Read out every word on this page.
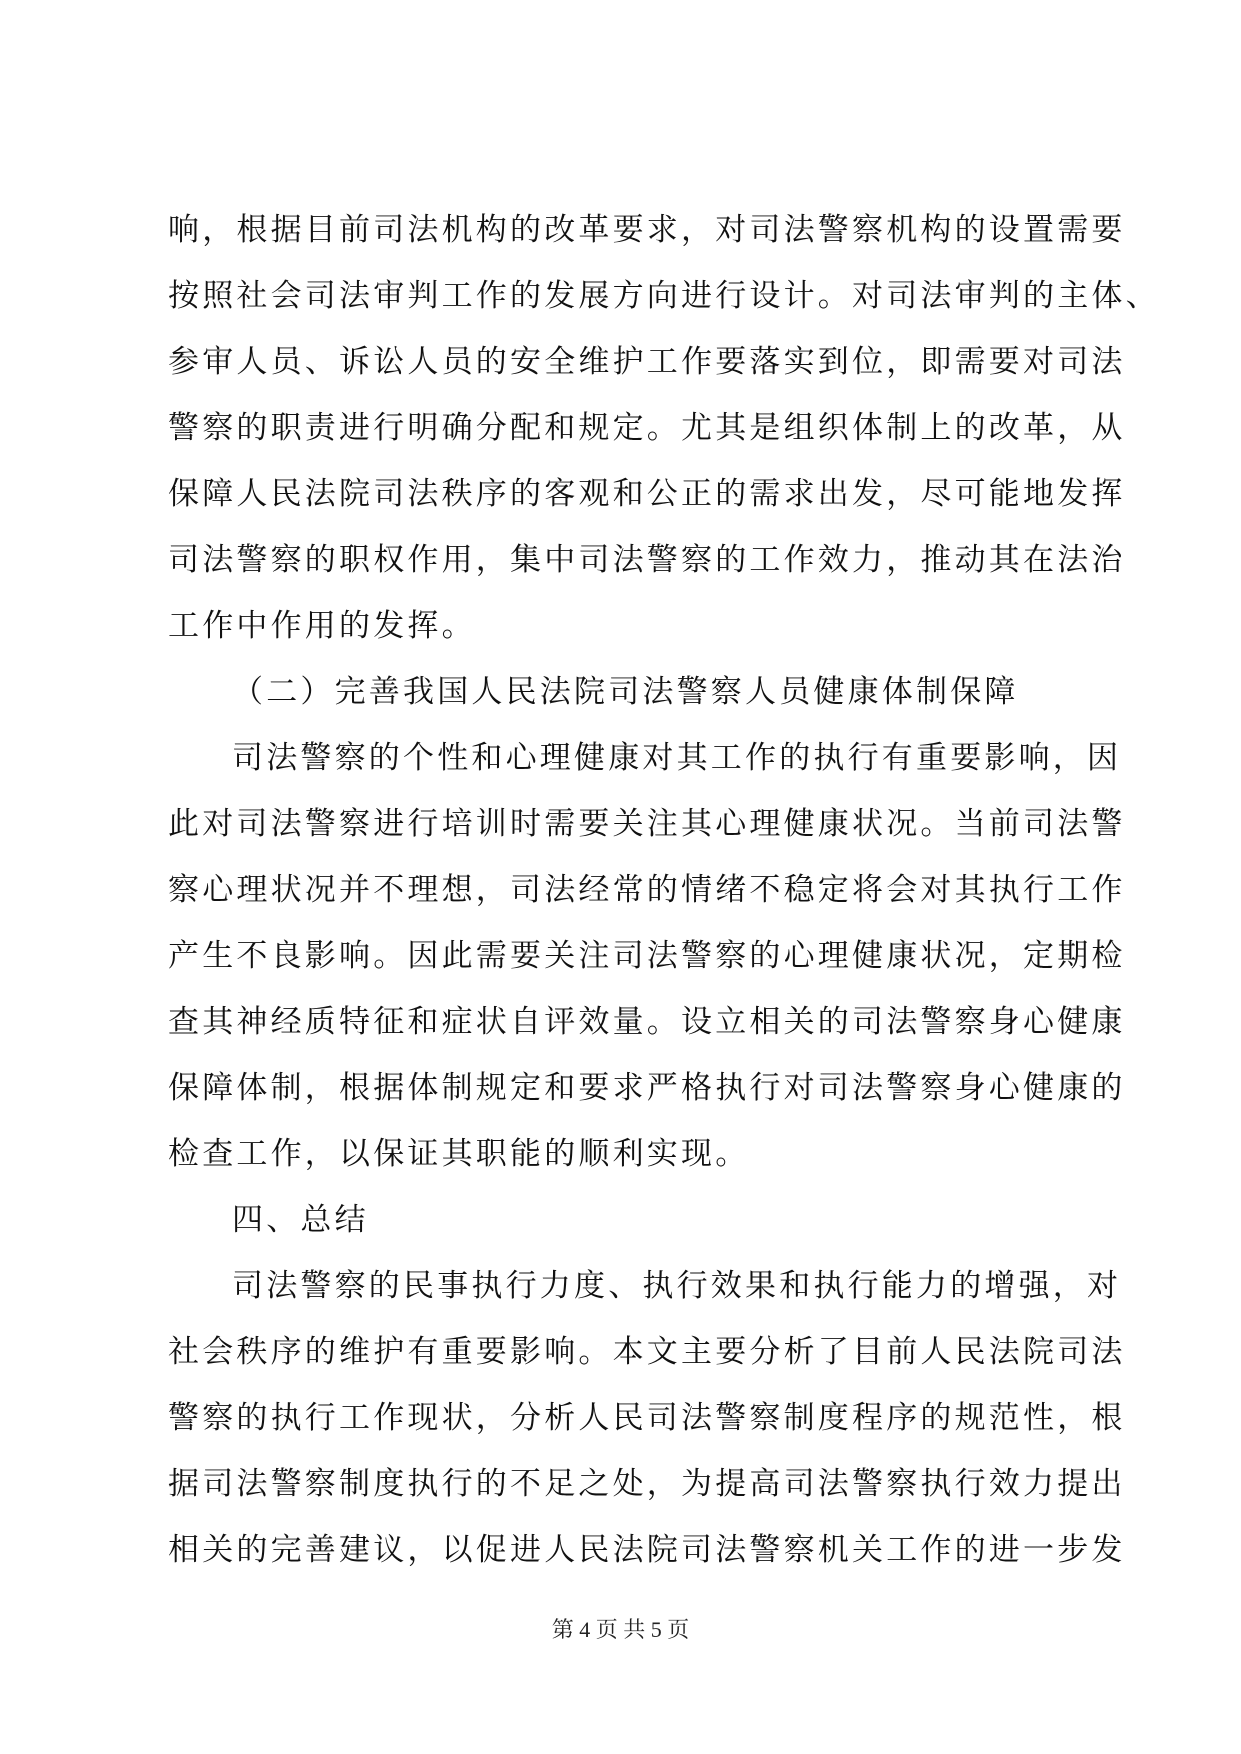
响，根据目前司法机构的改革要求，对司法警察机构的设置需要
按照社会司法审判工作的发展方向进行设计。对司法审判的主体、
参审人员、诉讼人员的安全维护工作要落实到位，即需要对司法
警察的职责进行明确分配和规定。尤其是组织体制上的改革，从
保障人民法院司法秩序的客观和公正的需求出发，尽可能地发挥
司法警察的职权作用，集中司法警察的工作效力，推动其在法治
工作中作用的发挥。
（二）完善我国人民法院司法警察人员健康体制保障
司法警察的个性和心理健康对其工作的执行有重要影响，因
此对司法警察进行培训时需要关注其心理健康状况。当前司法警
察心理状况并不理想，司法经常的情绪不稳定将会对其执行工作
产生不良影响。因此需要关注司法警察的心理健康状况，定期检
查其神经质特征和症状自评效量。设立相关的司法警察身心健康
保障体制，根据体制规定和要求严格执行对司法警察身心健康的
检查工作，以保证其职能的顺利实现。
四、总结
司法警察的民事执行力度、执行效果和执行能力的增强，对
社会秩序的维护有重要影响。本文主要分析了目前人民法院司法
警察的执行工作现状，分析人民司法警察制度程序的规范性，根
据司法警察制度执行的不足之处，为提高司法警察执行效力提出
相关的完善建议，以促进人民法院司法警察机关工作的进一步发
第 4 页 共 5 页
